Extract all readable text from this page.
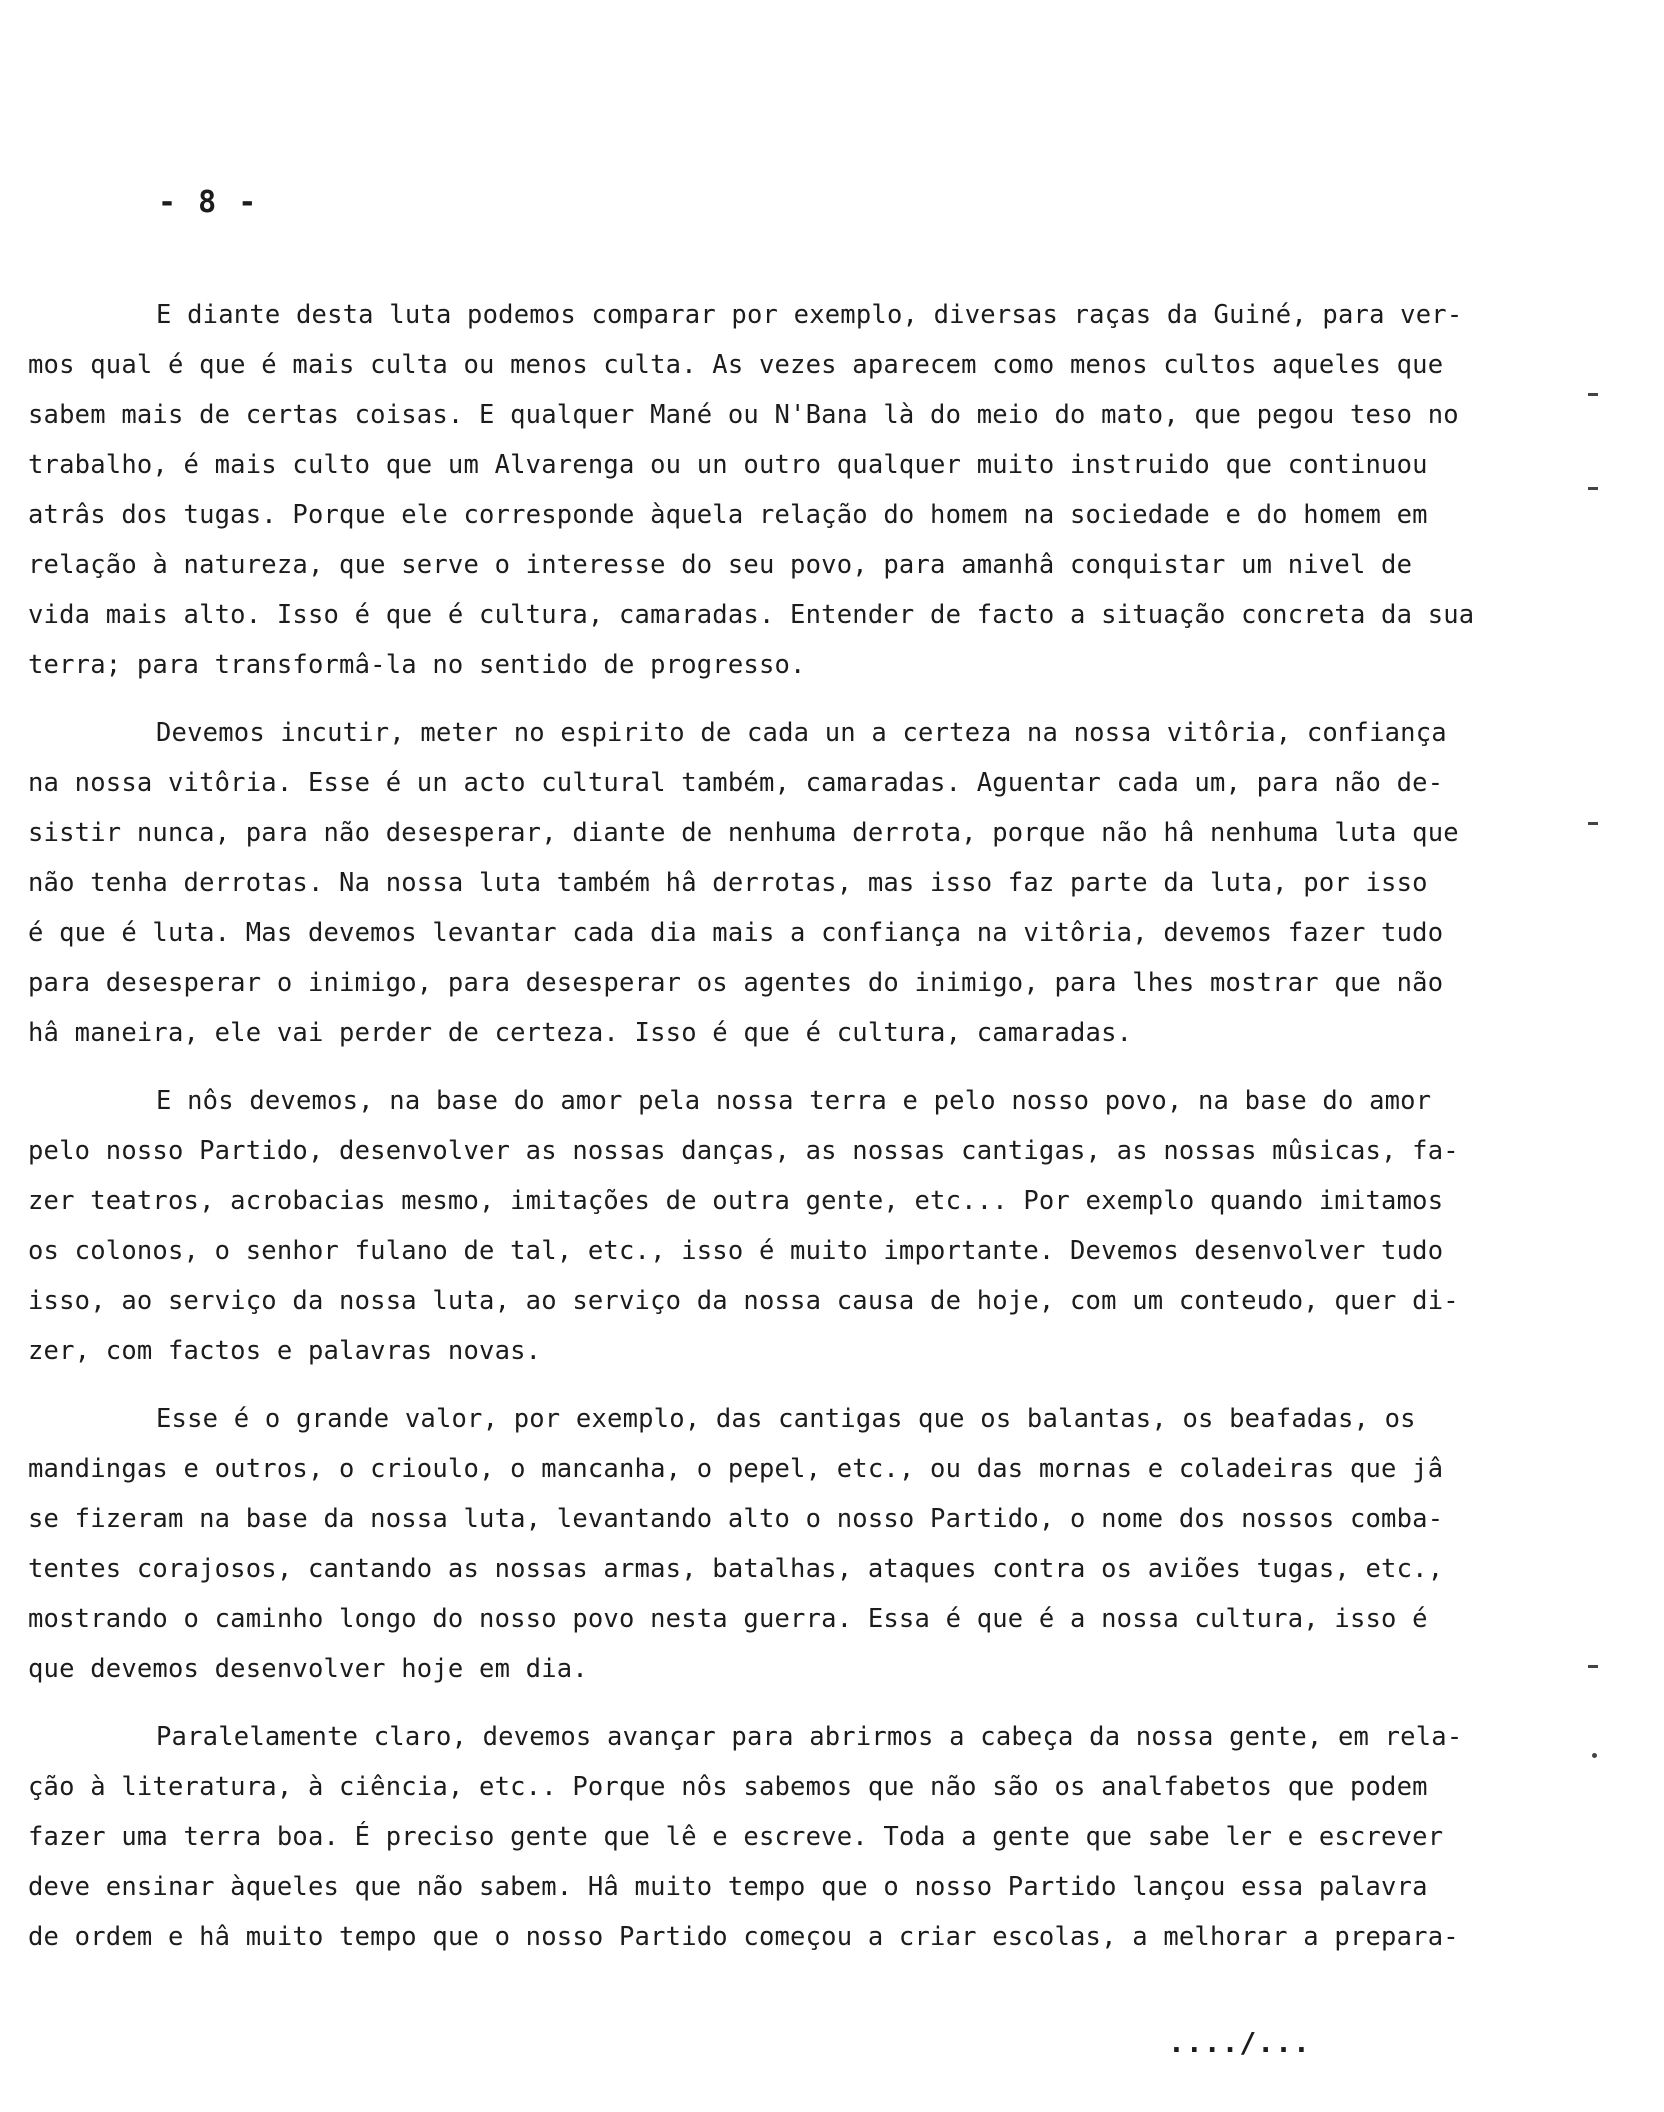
- 8 -
E diante desta luta podemos comparar por exemplo, diversas raças da Guiné, para ver-
mos qual é que é mais culta ou menos culta. As vezes aparecem como menos cultos aqueles que
sabem mais de certas coisas. E qualquer Mané ou N'Bana là do meio do mato, que pegou teso no
trabalho, é mais culto que um Alvarenga ou un outro qualquer muito instruido que continuou
atrâs dos tugas. Porque ele corresponde àquela relação do homem na sociedade e do homem em
relação à natureza, que serve o interesse do seu povo, para amanhâ conquistar um nivel de
vida mais alto. Isso é que é cultura, camaradas. Entender de facto a situação concreta da sua
terra; para transformâ-la no sentido de progresso.
Devemos incutir, meter no espirito de cada un a certeza na nossa vitôria, confiança
na nossa vitôria. Esse é un acto cultural também, camaradas. Aguentar cada um, para não de-
sistir nunca, para não desesperar, diante de nenhuma derrota, porque não hâ nenhuma luta que
não tenha derrotas. Na nossa luta também hâ derrotas, mas isso faz parte da luta, por isso
é que é luta. Mas devemos levantar cada dia mais a confiança na vitôria, devemos fazer tudo
para desesperar o inimigo, para desesperar os agentes do inimigo, para lhes mostrar que não
hâ maneira, ele vai perder de certeza. Isso é que é cultura, camaradas.
E nôs devemos, na base do amor pela nossa terra e pelo nosso povo, na base do amor
pelo nosso Partido, desenvolver as nossas danças, as nossas cantigas, as nossas mûsicas, fa-
zer teatros, acrobacias mesmo, imitações de outra gente, etc... Por exemplo quando imitamos
os colonos, o senhor fulano de tal, etc., isso é muito importante. Devemos desenvolver tudo
isso, ao serviço da nossa luta, ao serviço da nossa causa de hoje, com um conteudo, quer di-
zer, com factos e palavras novas.
Esse é o grande valor, por exemplo, das cantigas que os balantas, os beafadas, os
mandingas e outros, o crioulo, o mancanha, o pepel, etc., ou das mornas e coladeiras que jâ
se fizeram na base da nossa luta, levantando alto o nosso Partido, o nome dos nossos comba-
tentes corajosos, cantando as nossas armas, batalhas, ataques contra os aviões tugas, etc.,
mostrando o caminho longo do nosso povo nesta guerra. Essa é que é a nossa cultura, isso é
que devemos desenvolver hoje em dia.
Paralelamente claro, devemos avançar para abrirmos a cabeça da nossa gente, em rela-
ção à literatura, à ciência, etc.. Porque nôs sabemos que não são os analfabetos que podem
fazer uma terra boa. É preciso gente que lê e escreve. Toda a gente que sabe ler e escrever
deve ensinar àqueles que não sabem. Hâ muito tempo que o nosso Partido lançou essa palavra
de ordem e hâ muito tempo que o nosso Partido começou a criar escolas, a melhorar a prepara-
..../...
